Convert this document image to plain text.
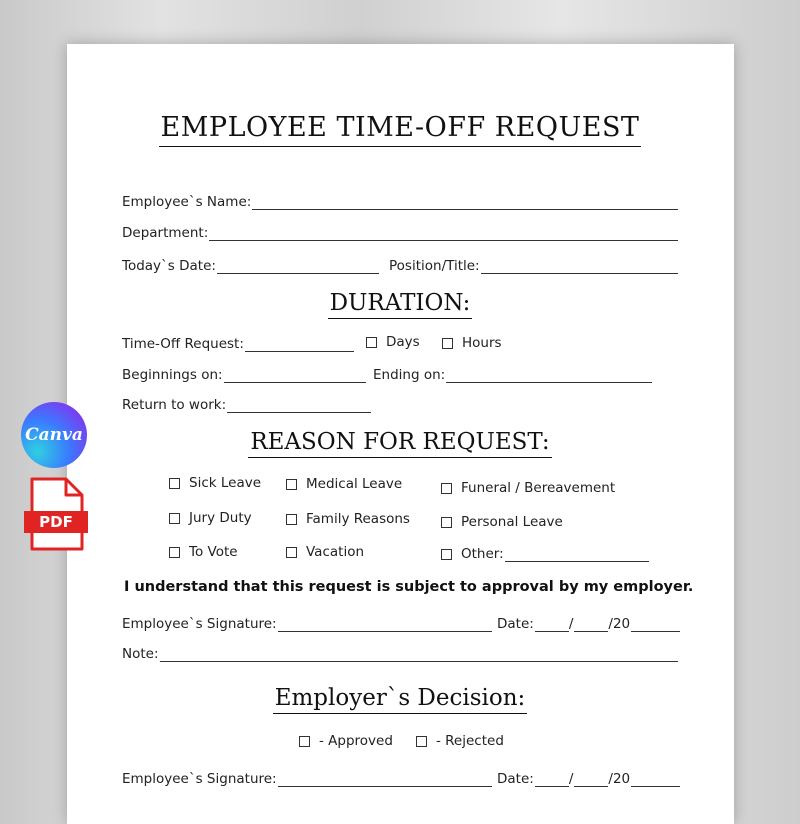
EMPLOYEE TIME-OFF REQUEST
Employee`s Name:
Department:
Today`s Date:	Position/Title:
DURATION:
Time-Off Request:	Days	Hours
Beginnings on:	Ending on:
Return to work:
REASON FOR REQUEST:
Sick Leave	Medical Leave	Funeral / Bereavement
Jury Duty	Family Reasons	Personal Leave
To Vote	Vacation	Other:
I understand that this request is subject to approval by my employer.
Employee`s Signature:	Date:	/	/20
Note:
Employer`s Decision:
- Approved	- Rejected
Employee`s Signature:	Date:	/	/20
Canva
PDF
